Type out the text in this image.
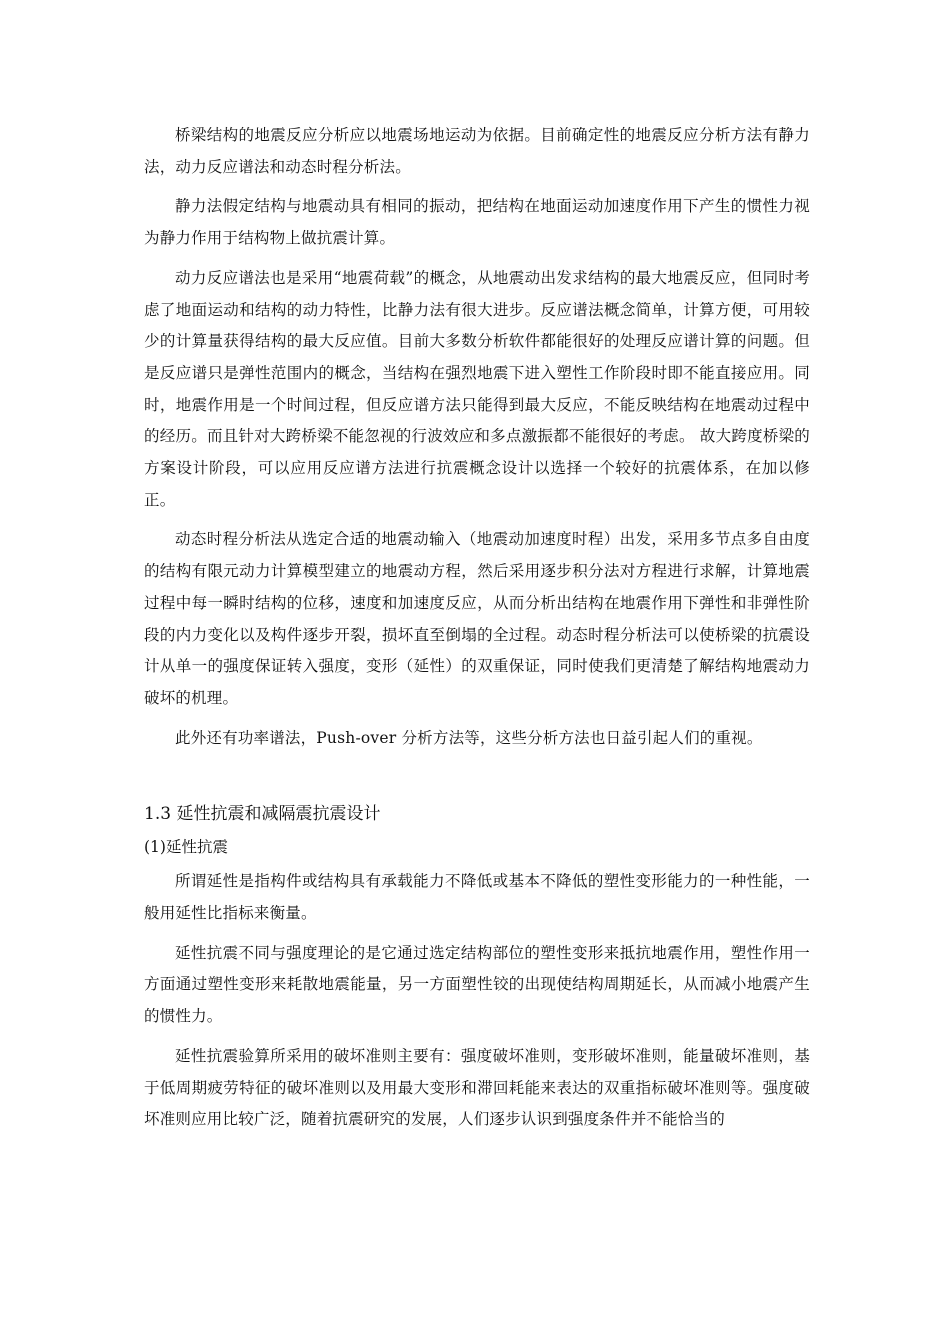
桥梁结构的地震反应分析应以地震场地运动为依据。目前确定性的地震反应分析方法有静力法，动力反应谱法和动态时程分析法。

静力法假定结构与地震动具有相同的振动，把结构在地面运动加速度作用下产生的惯性力视为静力作用于结构物上做抗震计算。

动力反应谱法也是采用“地震荷载”的概念，从地震动出发求结构的最大地震反应，但同时考虑了地面运动和结构的动力特性，比静力法有很大进步。反应谱法概念简单，计算方便，可用较少的计算量获得结构的最大反应值。目前大多数分析软件都能很好的处理反应谱计算的问题。但是反应谱只是弹性范围内的概念，当结构在强烈地震下进入塑性工作阶段时即不能直接应用。同时，地震作用是一个时间过程，但反应谱方法只能得到最大反应，不能反映结构在地震动过程中的经历。而且针对大跨桥梁不能忽视的行波效应和多点激振都不能很好的考虑。 故大跨度桥梁的方案设计阶段，可以应用反应谱方法进行抗震概念设计以选择一个较好的抗震体系，在加以修正。

动态时程分析法从选定合适的地震动输入（地震动加速度时程）出发，采用多节点多自由度的结构有限元动力计算模型建立的地震动方程，然后采用逐步积分法对方程进行求解，计算地震过程中每一瞬时结构的位移，速度和加速度反应，从而分析出结构在地震作用下弹性和非弹性阶段的内力变化以及构件逐步开裂，损坏直至倒塌的全过程。动态时程分析法可以使桥梁的抗震设计从单一的强度保证转入强度，变形（延性）的双重保证，同时使我们更清楚了解结构地震动力破坏的机理。

此外还有功率谱法，Push-over 分析方法等，这些分析方法也日益引起人们的重视。

1.3 延性抗震和减隔震抗震设计
(1)延性抗震

所谓延性是指构件或结构具有承载能力不降低或基本不降低的塑性变形能力的一种性能，一般用延性比指标来衡量。

延性抗震不同与强度理论的是它通过选定结构部位的塑性变形来抵抗地震作用，塑性作用一方面通过塑性变形来耗散地震能量，另一方面塑性铰的出现使结构周期延长，从而减小地震产生的惯性力。

延性抗震验算所采用的破坏准则主要有：强度破坏准则，变形破坏准则，能量破坏准则，基于低周期疲劳特征的破坏准则以及用最大变形和滞回耗能来表达的双重指标破坏准则等。强度破坏准则应用比较广泛，随着抗震研究的发展，人们逐步认识到强度条件并不能恰当的
